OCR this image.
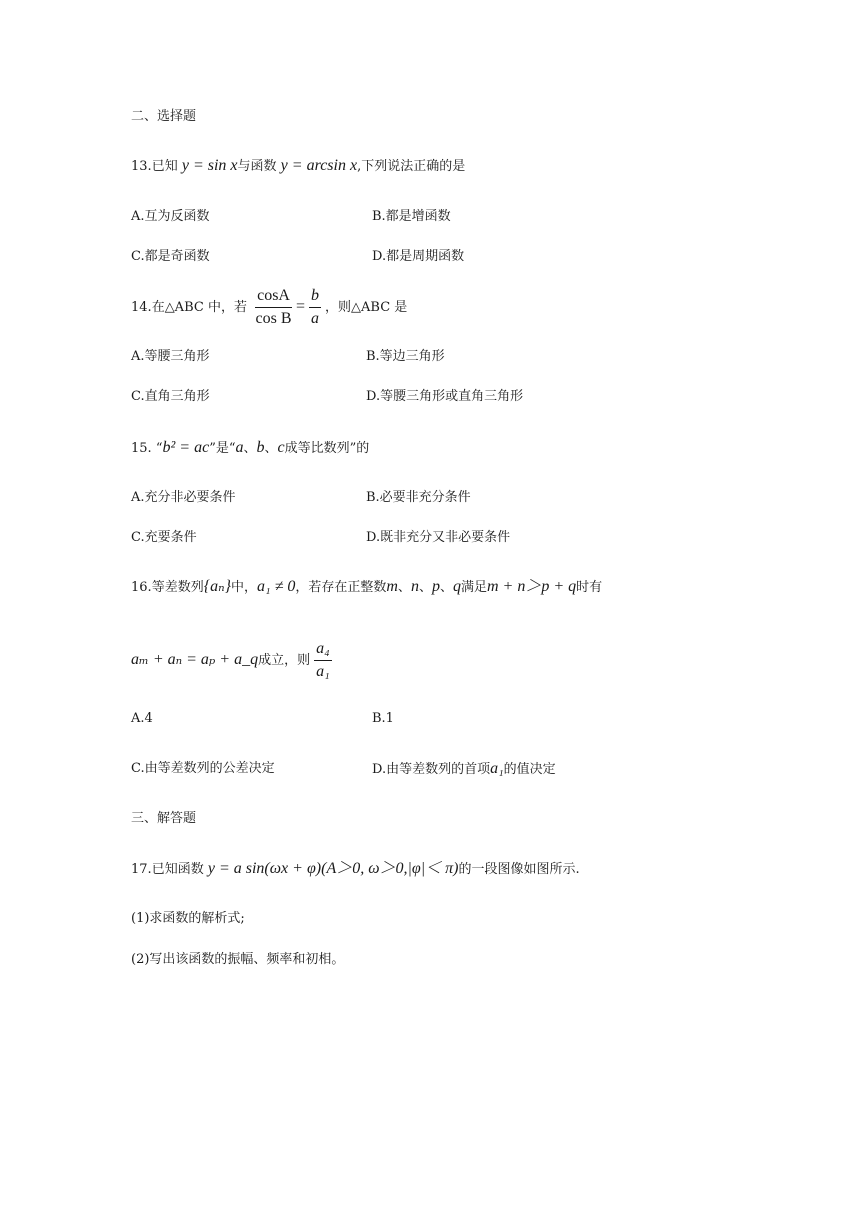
二、选择题
13.已知 y = sin x与函数 y = arcsin x,下列说法正确的是
A.互为反函数	B.都是增函数
C.都是奇函数	D.都是周期函数
14.在△ABC 中，若 $\frac{\cos A}{\text{cos B}} = \frac{b}{a}$ ，则△ABC 是
A.等腰三角形	B.等边三角形
C.直角三角形	D.等腰三角形或直角三角形
15. “b² = ac”是“a、b、c成等比数列”的
A.充分非必要条件	B.必要非充分条件
C.充要条件	D.既非充分又非必要条件
16.等差数列{aₙ}中，a₁ ≠ 0，若存在正整数m、n、p、q满足m + n＞p + q时有
aₘ + aₙ = aₚ + a_q成立，则 $\frac{\text{a₄}}{\text{a₁}}$
A.4	B.1
C.由等差数列的公差决定	D.由等差数列的首项a₁的值决定
三、解答题
17.已知函数 y = a sin(ωx + φ)(A＞0, ω＞0,|φ|＜ π)的一段图像如图所示.
(1)求函数的解析式;
(2)写出该函数的振幅、频率和初相。
